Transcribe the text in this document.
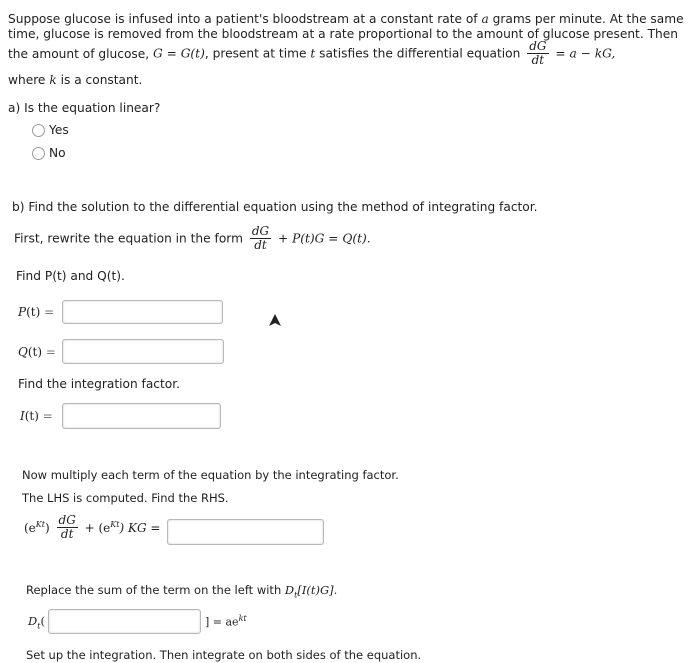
Suppose glucose is infused into a patient's bloodstream at a constant rate of a grams per minute. At the same
time, glucose is removed from the bloodstream at a rate proportional to the amount of glucose present. Then
the amount of glucose, G = G(t), present at time t satisfies the differential equation $\frac{dG}{dt} = a$ − kG,
where k is a constant.
a) Is the equation linear?
Yes
No
b) Find the solution to the differential equation using the method of integrating factor.
First, rewrite the equation in the form $\frac{dG}{dt} + P(t)G = Q(t)$.
Find P(t) and Q(t).
P(t) =
Q(t) =
Find the integration factor.
I(t) =
Now multiply each term of the equation by the integrating factor.
The LHS is computed. Find the RHS.
$(e^{Kt}) \frac{dG}{dt} + (e^{Kt})$ KG =
Replace the sum of the term on the left with $D_t[I(t)G]$.
$D_t$(	] = $ae^{kt}$
Set up the integration. Then integrate on both sides of the equation.
